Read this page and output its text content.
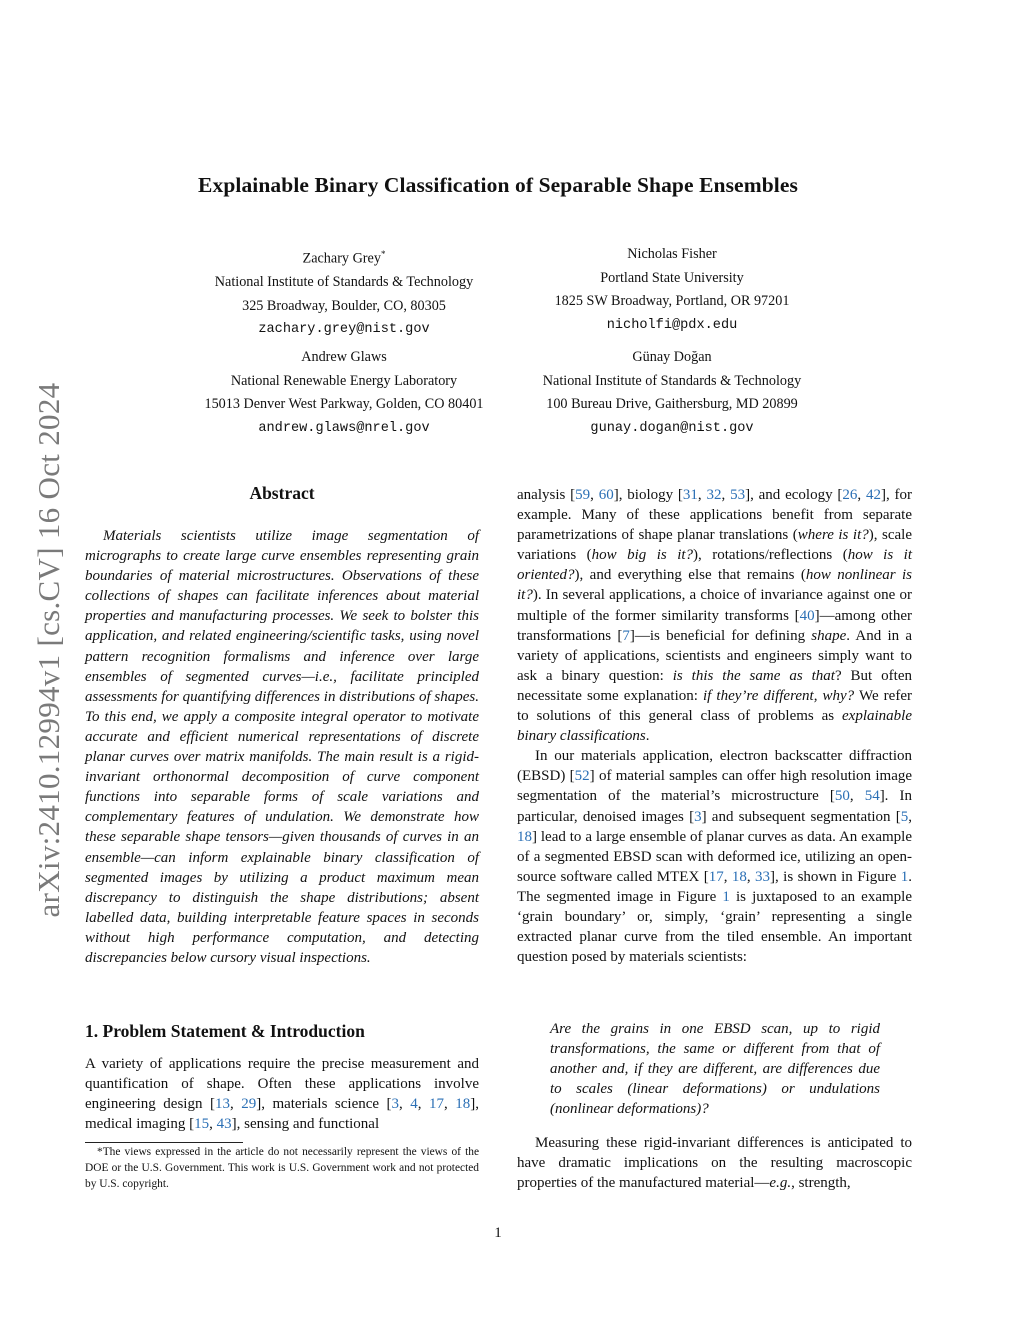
arXiv:2410.12994v1 [cs.CV] 16 Oct 2024
Explainable Binary Classification of Separable Shape Ensembles
Zachary Grey*
National Institute of Standards & Technology
325 Broadway, Boulder, CO, 80305
zachary.grey@nist.gov
Nicholas Fisher
Portland State University
1825 SW Broadway, Portland, OR 97201
nicholfi@pdx.edu
Andrew Glaws
National Renewable Energy Laboratory
15013 Denver West Parkway, Golden, CO 80401
andrew.glaws@nrel.gov
Günay Doğan
National Institute of Standards & Technology
100 Bureau Drive, Gaithersburg, MD 20899
gunay.dogan@nist.gov
Abstract
Materials scientists utilize image segmentation of micrographs to create large curve ensembles representing grain boundaries of material microstructures. Observations of these collections of shapes can facilitate inferences about material properties and manufacturing processes. We seek to bolster this application, and related engineering/scientific tasks, using novel pattern recognition formalisms and inference over large ensembles of segmented curves—i.e., facilitate principled assessments for quantifying differences in distributions of shapes. To this end, we apply a composite integral operator to motivate accurate and efficient numerical representations of discrete planar curves over matrix manifolds. The main result is a rigid-invariant orthonormal decomposition of curve component functions into separable forms of scale variations and complementary features of undulation. We demonstrate how these separable shape tensors—given thousands of curves in an ensemble—can inform explainable binary classification of segmented images by utilizing a product maximum mean discrepancy to distinguish the shape distributions; absent labelled data, building interpretable feature spaces in seconds without high performance computation, and detecting discrepancies below cursory visual inspections.
1. Problem Statement & Introduction

A variety of applications require the precise measurement and quantification of shape. Often these applications involve engineering design [13, 29], materials science [3, 4, 17, 18], medical imaging [15, 43], sensing and functional

*The views expressed in the article do not necessarily represent the views of the DOE or the U.S. Government. This work is U.S. Government work and not protected by U.S. copyright.

analysis [59, 60], biology [31, 32, 53], and ecology [26, 42], for example. Many of these applications benefit from separate parametrizations of shape planar translations (where is it?), scale variations (how big is it?), rotations/reflections (how is it oriented?), and everything else that remains (how nonlinear is it?). In several applications, a choice of invariance against one or multiple of the former similarity transforms [40]—among other transformations [7]—is beneficial for defining shape. And in a variety of applications, scientists and engineers simply want to ask a binary question: is this the same as that? But often necessitate some explanation: if they’re different, why? We refer to solutions of this general class of problems as explainable binary classifications.

In our materials application, electron backscatter diffraction (EBSD) [52] of material samples can offer high resolution image segmentation of the material’s microstructure [50, 54]. In particular, denoised images [3] and subsequent segmentation [5, 18] lead to a large ensemble of planar curves as data. An example of a segmented EBSD scan with deformed ice, utilizing an open-source software called MTEX [17, 18, 33], is shown in Figure 1. The segmented image in Figure 1 is juxtaposed to an example ‘grain boundary’ or, simply, ‘grain’ representing a single extracted planar curve from the tiled ensemble. An important question posed by materials scientists:

Are the grains in one EBSD scan, up to rigid transformations, the same or different from that of another and, if they are different, are differences due to scales (linear deformations) or undulations (nonlinear deformations)?
Measuring these rigid-invariant differences is anticipated to have dramatic implications on the resulting macroscopic properties of the manufactured material—e.g., strength,
1
